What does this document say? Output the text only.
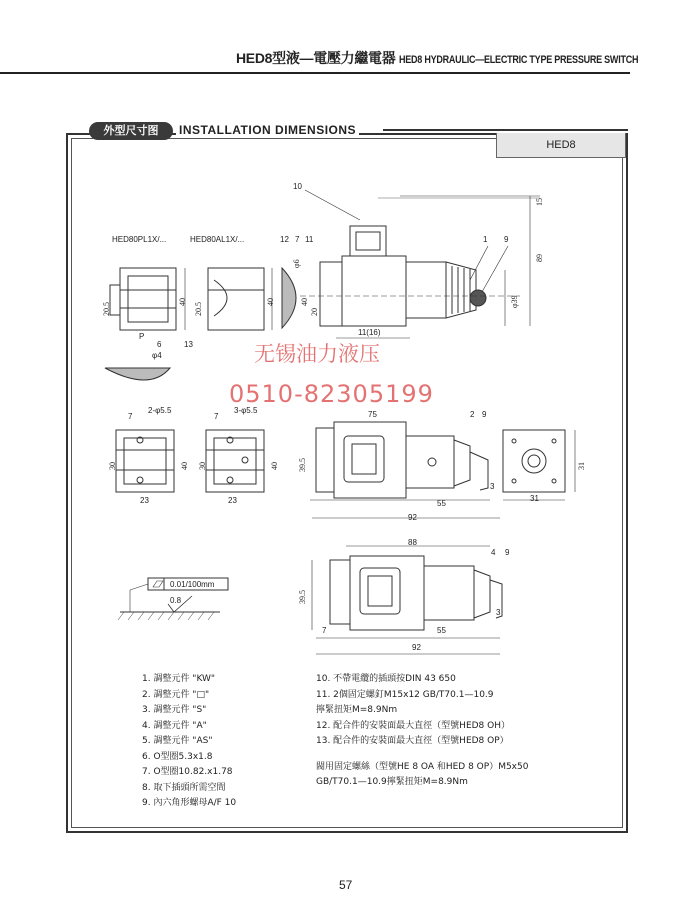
HED8型液—電壓力繼電器 HED8 HYDRAULIC—ELECTRIC TYPE PRESSURE SWITCH
外型尺寸图	INSTALLATION DIMENSIONS
HED8
10
HED80PL1X/...	HED80AL1X/...	12 7 11	1 9
15
89
φ39
φ6
40
20.5	40
20.5	40
20
11(16)
13
6
P
φ4	无锡油力液压
0510-82305199
7
2-φ5.5
7
3-φ5.5
30	40 30	40
23	23
75	2 9
39.5
55
92
3
31
31
88
4 9
39.5
7	55
92
3
0.01/100mm
0.8
1. 調整元件 "KW"
2. 調整元件 "□"
3. 調整元件 "S"
4. 調整元件 "A"
5. 調整元件 "AS"
6. O型圈5.3x1.8
7. O型圈10.82.x1.78
8. 取下插頭所需空間
9. 內六角形螺母A/F 10
10. 不帶電纜的插頭按DIN 43 650
11. 2個固定螺釘M15x12 GB/T70.1—10.9
擰緊扭矩M=8.9Nm
12. 配合件的安裝面最大直徑（型號HED8 OH）
13. 配合件的安裝面最大直徑（型號HED8 OP）
閥用固定螺絲（型號HE 8 OA 和HED 8 OP）M5x50
GB/T70.1—10.9擰緊扭矩M=8.9Nm
57
